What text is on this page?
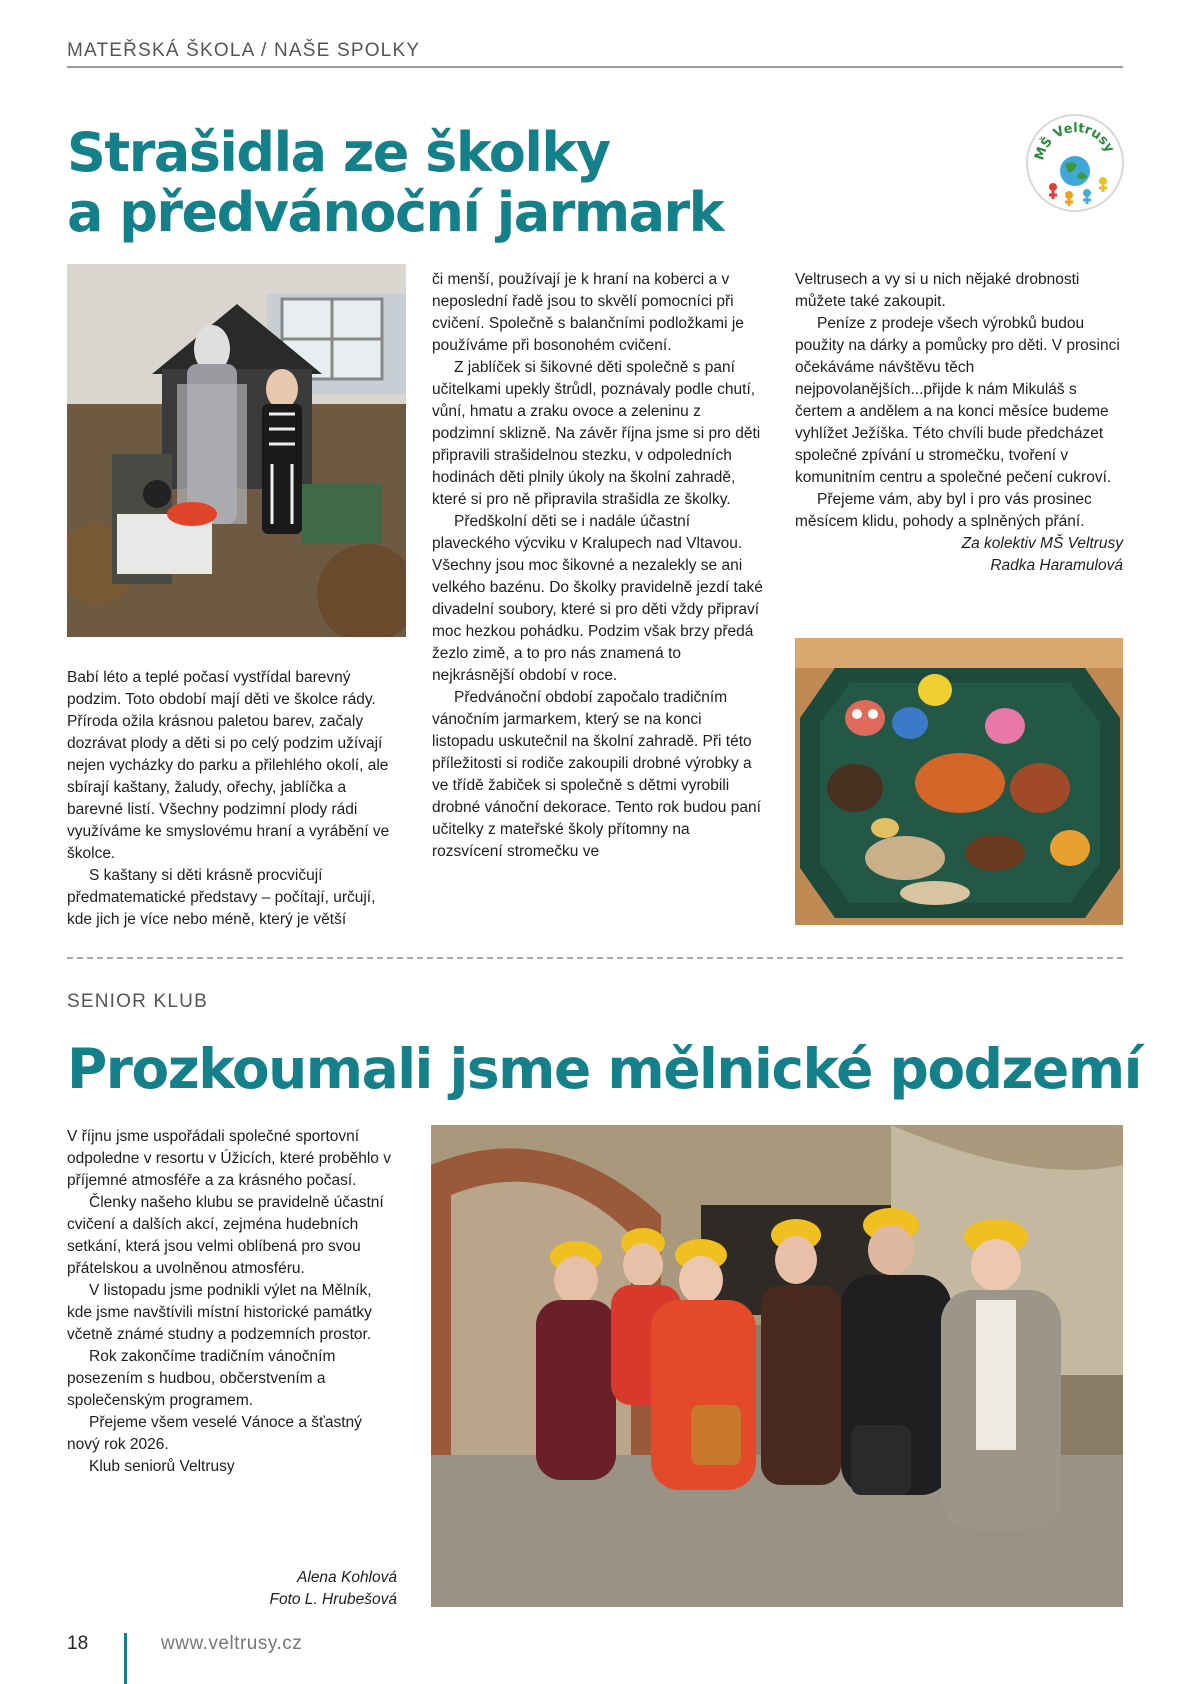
MATEŘSKÁ ŠKOLA / NAŠE SPOLKY
Strašidla ze školky
a předvánoční jarmark
MŠ Veltrusy

Babí léto a teplé počasí vystřídal barevný podzim. Toto období mají děti ve školce rády. Příroda ožila krásnou paletou barev, začaly dozrávat plody a děti si po celý podzim užívají nejen vycházky do parku a přilehlého okolí, ale sbírají kaštany, žaludy, ořechy, jablíčka a barevné listí. Všechny podzimní plody rádi využíváme ke smyslovému hraní a vyrábění ve školce.

S kaštany si děti krásně procvičují předmatematické představy – počítají, určují, kde jich je více nebo méně, který je větší

či menší, používají je k hraní na koberci a v neposlední řadě jsou to skvělí pomocníci při cvičení. Společně s balančními podložkami je používáme při bosonohém cvičení.

Z jablíček si šikovné děti společně s paní učitelkami upekly štrůdl, poznávaly podle chutí, vůní, hmatu a zraku ovoce a zeleninu z podzimní sklizně. Na závěr října jsme si pro děti připravili strašidelnou stezku, v odpoledních hodinách děti plnily úkoly na školní zahradě, které si pro ně připravila strašidla ze školky.

Předškolní děti se i nadále účastní plaveckého výcviku v Kralupech nad Vltavou. Všechny jsou moc šikovné a nezalekly se ani velkého bazénu. Do školky pravidelně jezdí také divadelní soubory, které si pro děti vždy připraví moc hezkou pohádku. Podzim však brzy předá žezlo zimě, a to pro nás znamená to nejkrásnější období v roce.

Předvánoční období započalo tradičním vánočním jarmarkem, který se na konci listopadu uskutečnil na školní zahradě. Při této příležitosti si rodiče zakoupili drobné výrobky a ve třídě žabiček si společně s dětmi vyrobili drobné vánoční dekorace. Tento rok budou paní učitelky z mateřské školy přítomny na rozsvícení stromečku ve

Veltrusech a vy si u nich nějaké drobnosti můžete také zakoupit.

Peníze z prodeje všech výrobků budou použity na dárky a pomůcky pro děti. V prosinci očekáváme návštěvu těch nejpovolanějších...přijde k nám Mikuláš s čertem a andělem a na konci měsíce budeme vyhlížet Ježíška. Této chvíli bude předcházet společné zpívání u stromečku, tvoření v komunitním centru a společné pečení cukroví.

Přejeme vám, aby byl i pro vás prosinec měsícem klidu, pohody a splněných přání.

Za kolektiv MŠ Veltrusy

Radka Haramulová

SENIOR KLUB
Prozkoumali jsme mělnické podzemí

V říjnu jsme uspořádali společné sportovní odpoledne v resortu v Úžicích, které proběhlo v příjemné atmosféře a za krásného počasí.

Členky našeho klubu se pravidelně účastní cvičení a dalších akcí, zejména hudebních setkání, která jsou velmi oblíbená pro svou přátelskou a uvolněnou atmosféru.

V listopadu jsme podnikli výlet na Mělník, kde jsme navštívili místní historické památky včetně známé studny a podzemních prostor.

Rok zakončíme tradičním vánočním posezením s hudbou, občerstvením a společenským programem.

Přejeme všem veselé Vánoce a šťastný nový rok 2026.

Klub seniorů Veltrusy

Alena Kohlová

Foto L. Hrubešová

18	www.veltrusy.cz
